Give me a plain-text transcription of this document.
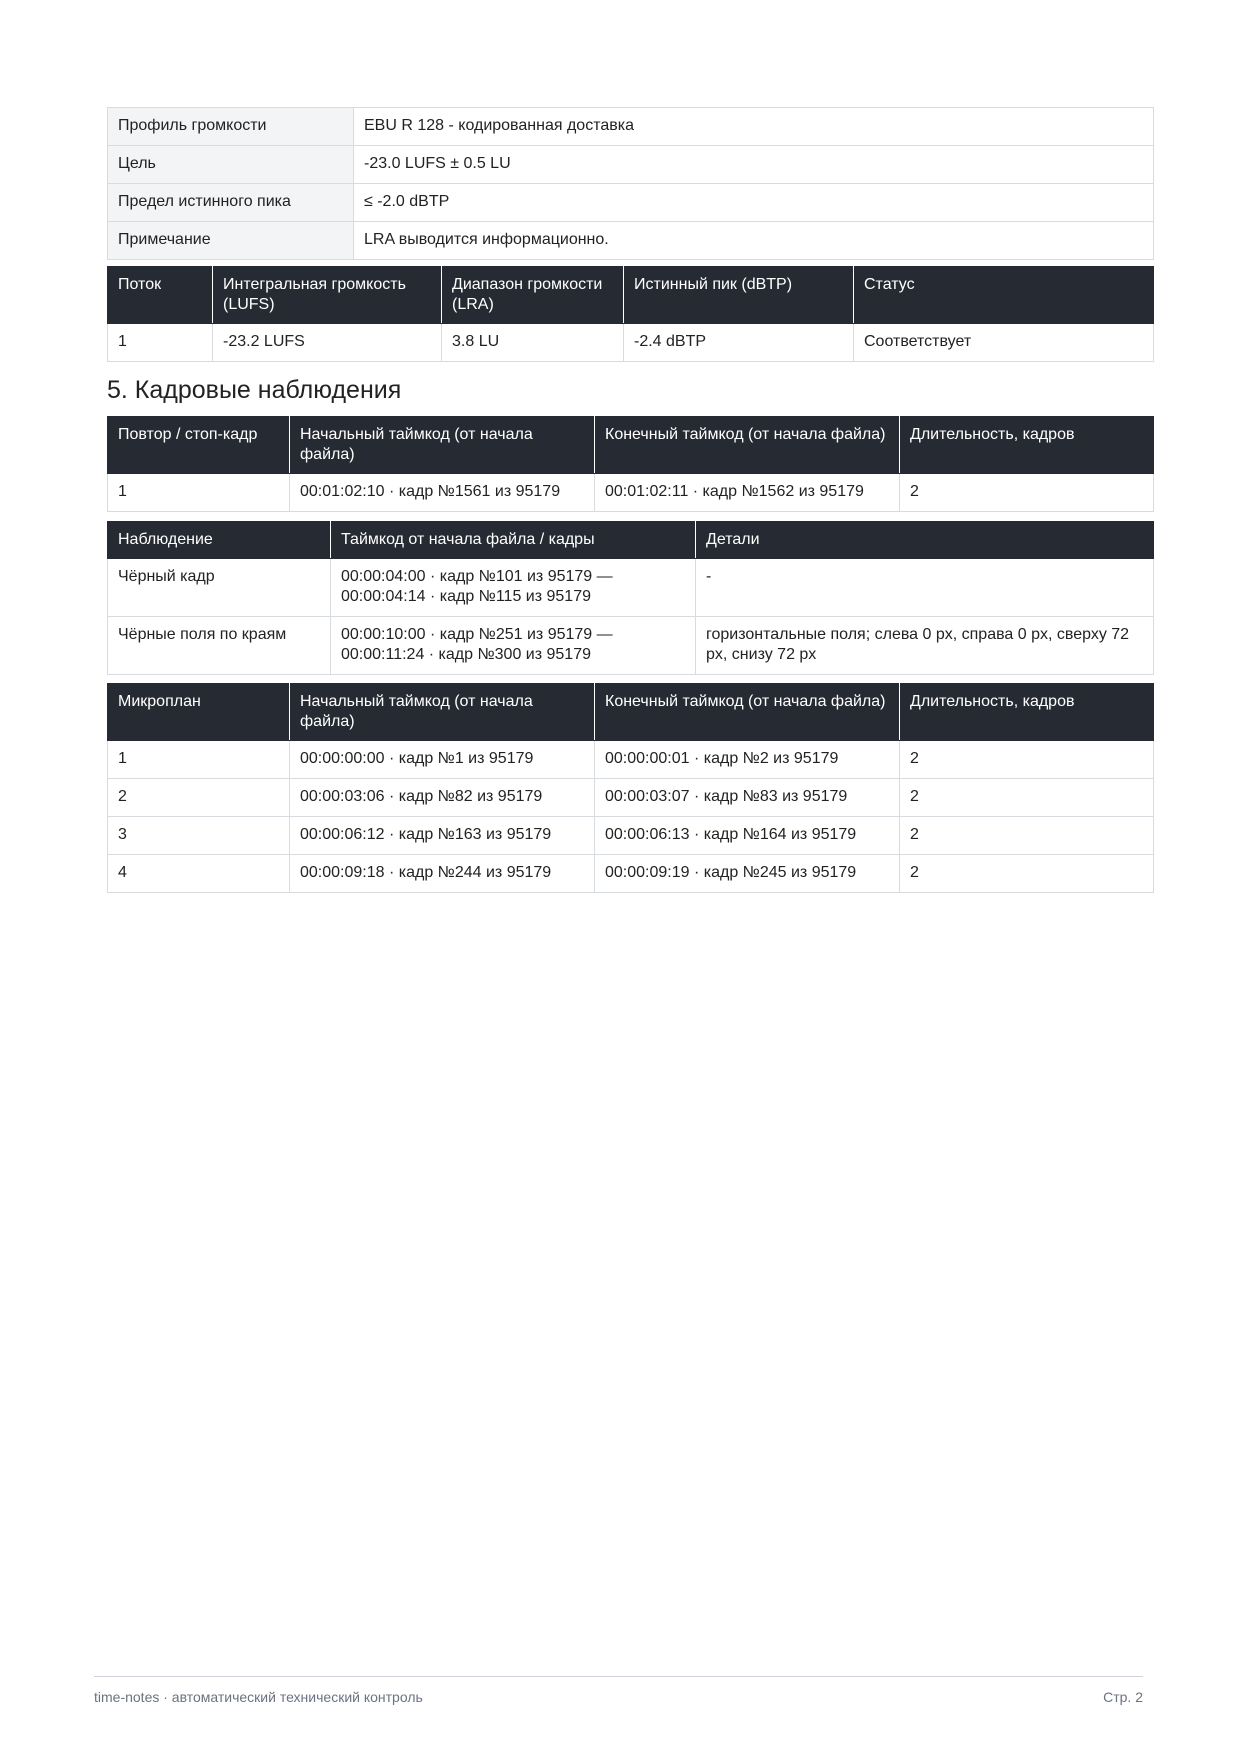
Профиль громкости	EBU R 128 - кодированная доставка
Цель	-23.0 LUFS ± 0.5 LU
Предел истинного пика	≤ -2.0 dBTP
Примечание	LRA выводится информационно.
Поток	Интегральная громкость (LUFS)	Диапазон громкости (LRA)	Истинный пик (dBTP)	Статус
1	-23.2 LUFS	3.8 LU	-2.4 dBTP	Соответствует
5. Кадровые наблюдения
Повтор / стоп-кадр	Начальный таймкод (от начала файла)	Конечный таймкод (от начала файла)	Длительность, кадров
1	00:01:02:10 · кадр №1561 из 95179	00:01:02:11 · кадр №1562 из 95179	2
Наблюдение	Таймкод от начала файла / кадры	Детали
Чёрный кадр	00:00:04:00 · кадр №101 из 95179 — 00:00:04:14 · кадр №115 из 95179	-
Чёрные поля по краям	00:00:10:00 · кадр №251 из 95179 — 00:00:11:24 · кадр №300 из 95179	горизонтальные поля; слева 0 px, справа 0 px, сверху 72 px, снизу 72 px
Микроплан	Начальный таймкод (от начала файла)	Конечный таймкод (от начала файла)	Длительность, кадров
1	00:00:00:00 · кадр №1 из 95179	00:00:00:01 · кадр №2 из 95179	2
2	00:00:03:06 · кадр №82 из 95179	00:00:03:07 · кадр №83 из 95179	2
3	00:00:06:12 · кадр №163 из 95179	00:00:06:13 · кадр №164 из 95179	2
4	00:00:09:18 · кадр №244 из 95179	00:00:09:19 · кадр №245 из 95179	2
time-notes · автоматический технический контроль	Стр. 2
